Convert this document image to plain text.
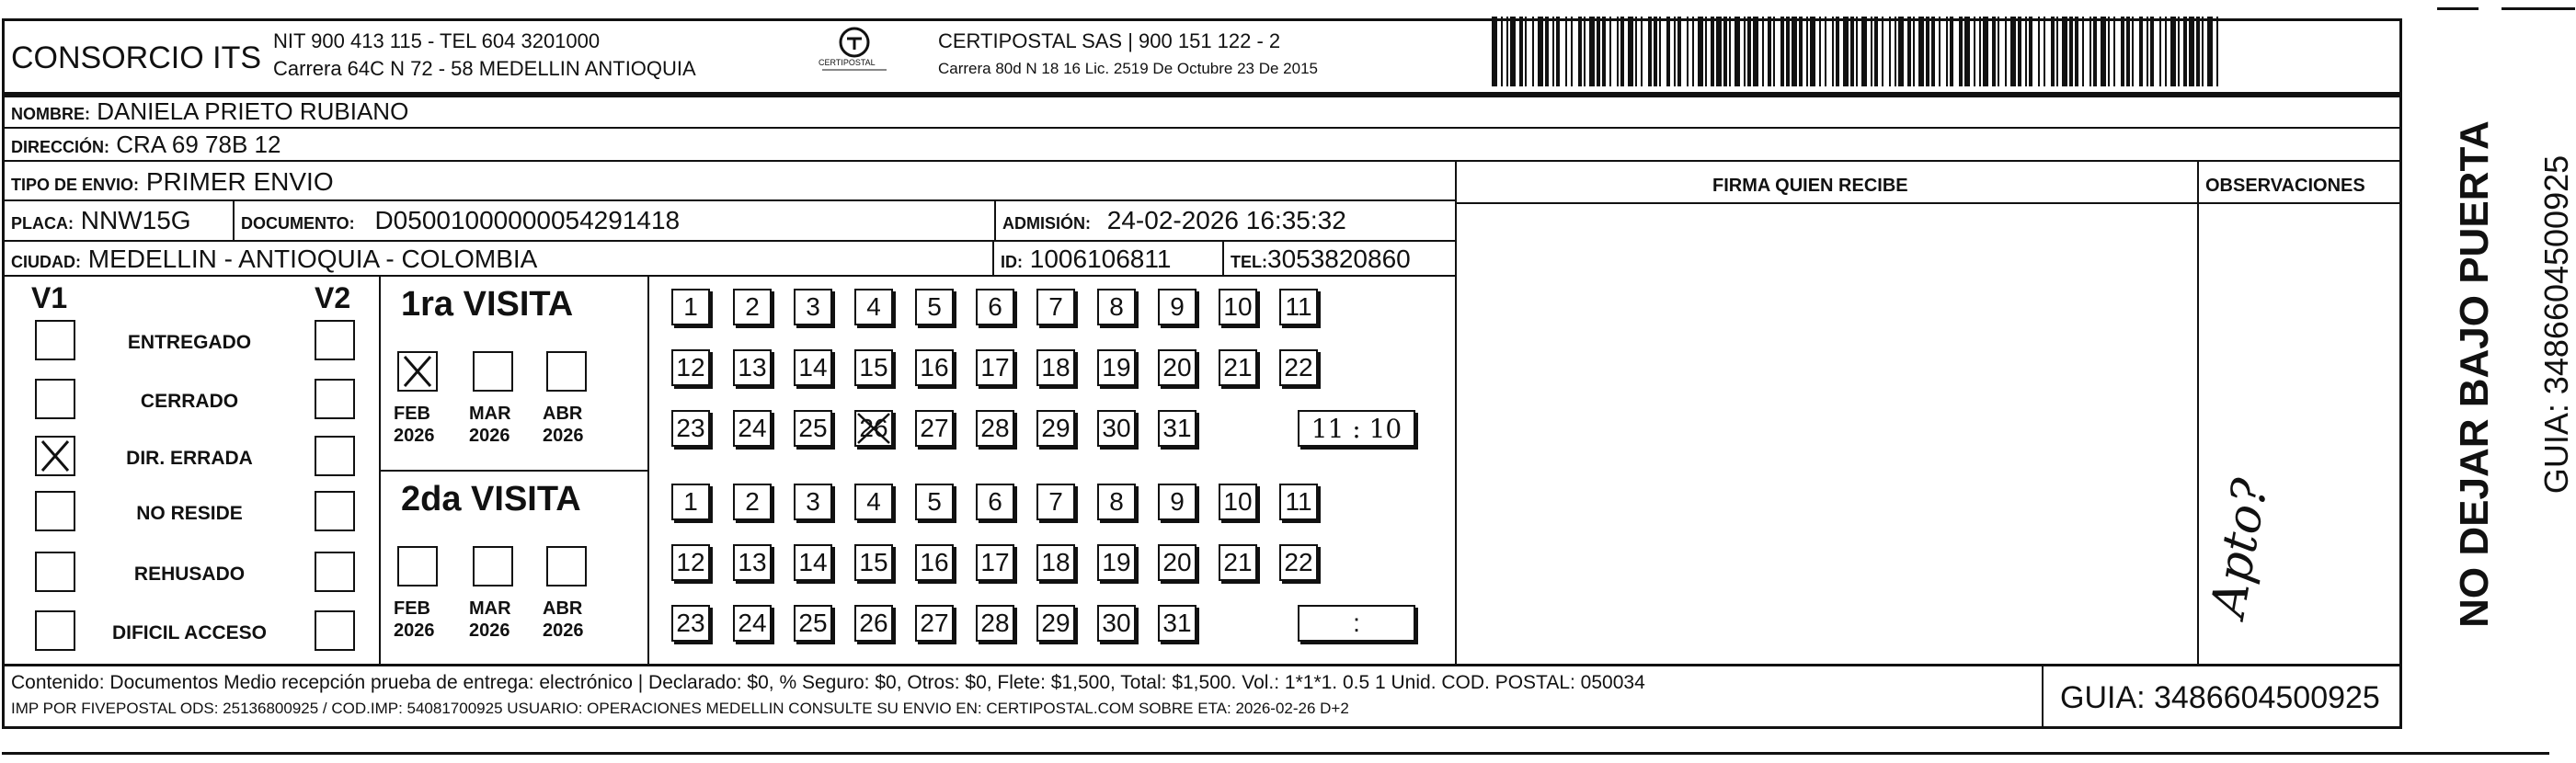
CONSORCIO ITS NIT 900 413 115 - TEL 604 3201000
Carrera 64C N 72 - 58 MEDELLIN ANTIOQUIA	CERTIPOSTAL
CERTIPOSTAL SAS | 900 151 122 - 2
Carrera 80d N 18 16 Lic. 2519 De Octubre 23 De 2015
NOMBRE: DANIELA PRIETO RUBIANO
DIRECCIÓN: CRA 69 78B 12
TIPO DE ENVIO: PRIMER ENVIO	FIRMA QUIEN RECIBE	OBSERVACIONES
PLACA: NNW15G	DOCUMENTO: D05001000000054291418	ADMISIÓN: 24-02-2026 16:35:32
CIUDAD: MEDELLIN - ANTIOQUIA - COLOMBIA	ID: 1006106811	TEL:3053820860
V1	V2
ENTREGADO
CERRADO
DIR. ERRADA
NO RESIDE
REHUSADO
DIFICIL ACCESO
1ra VISITA
FEB
2026
MAR
2026
ABR
2026
1 2 3 4 5 6 7 8 9 10 11
12 13 14 15 16 17 18 19 20 21 22
23 24 25 26 27 28 29 30 31	11 : 10
2da VISITA
FEB
2026
MAR
2026
ABR
2026
1 2 3 4 5 6 7 8 9 10 11
12 13 14 15 16 17 18 19 20 21 22
23 24 25 26 27 28 29 30 31	:
Apto?
Contenido: Documentos Medio recepción prueba de entrega: electrónico | Declarado: $0, % Seguro: $0, Otros: $0, Flete: $1,500, Total: $1,500. Vol.: 1*1*1. 0.5 1 Unid. COD. POSTAL: 050034
IMP POR FIVEPOSTAL ODS: 25136800925 / COD.IMP: 54081700925 USUARIO: OPERACIONES MEDELLIN CONSULTE SU ENVIO EN: CERTIPOSTAL.COM SOBRE ETA: 2026-02-26 D+2	GUIA: 3486604500925
NO DEJAR BAJO PUERTA GUIA: 3486604500925
